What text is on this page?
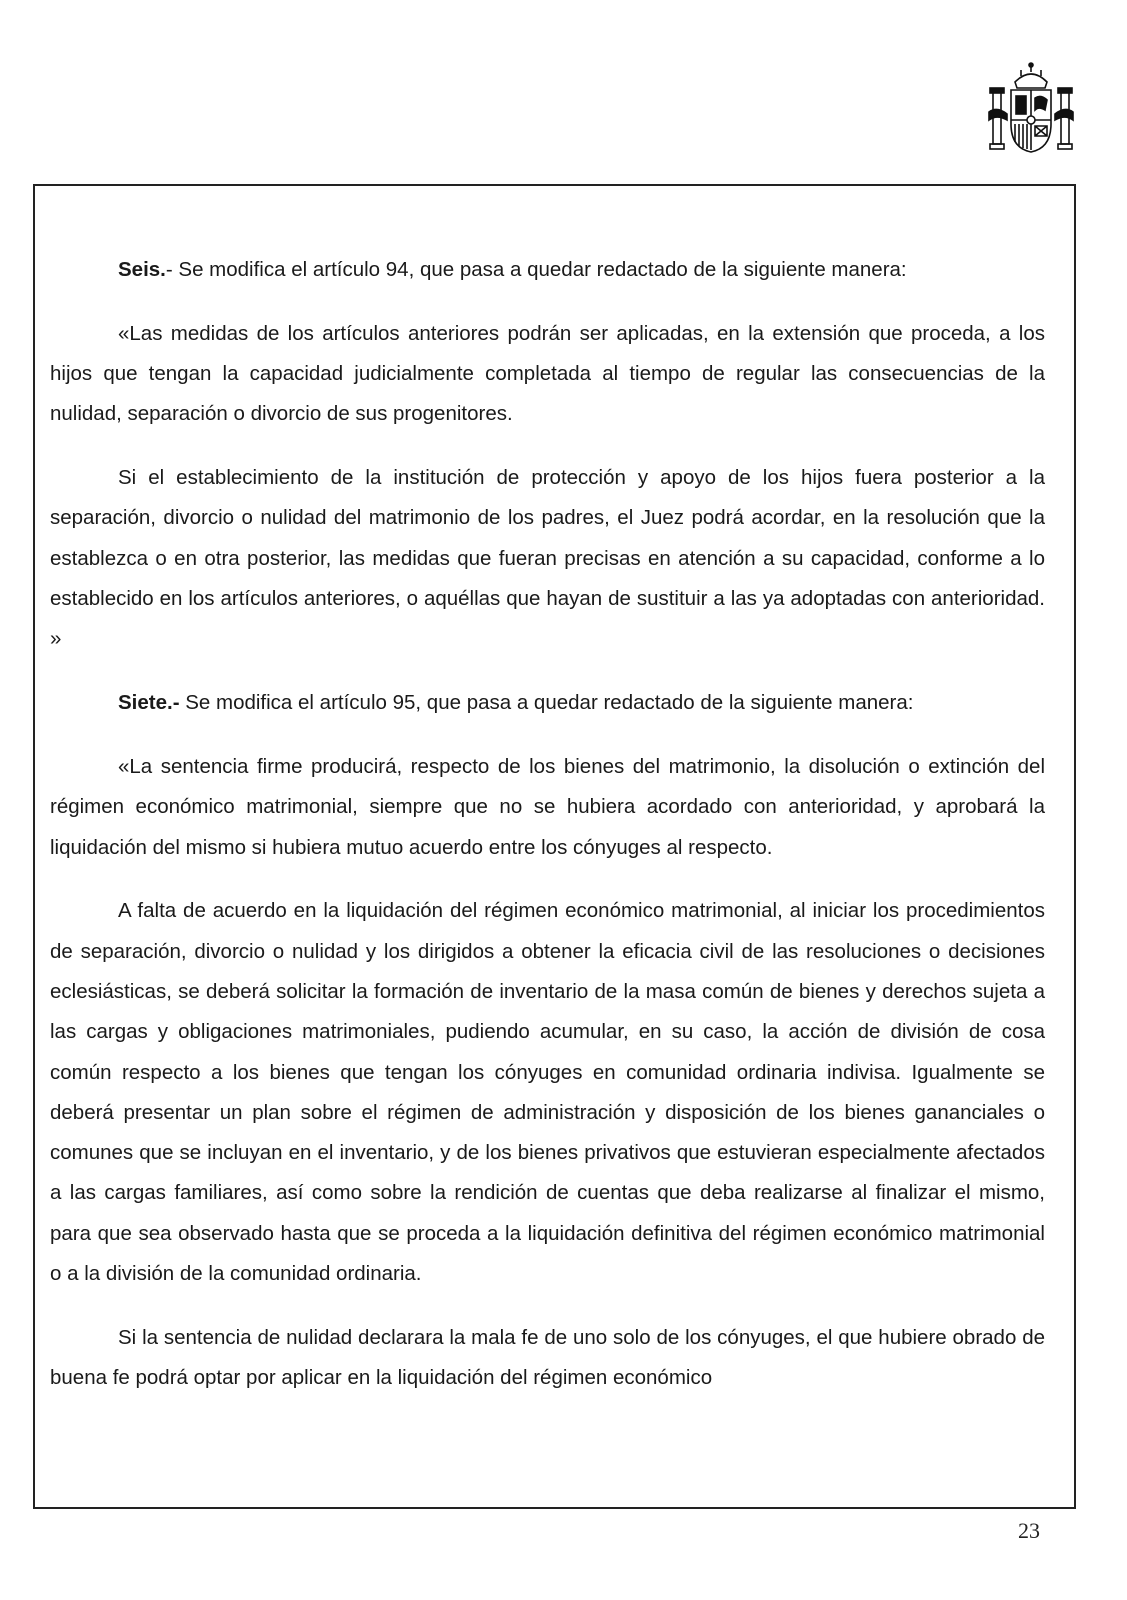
Seis.- Se modifica el artículo 94, que pasa a quedar redactado de la siguiente manera:

«Las medidas de los artículos anteriores podrán ser aplicadas, en la extensión que proceda, a los hijos que tengan la capacidad judicialmente completada al tiempo de regular las consecuencias de la nulidad, separación o divorcio de sus progenitores.

Si el establecimiento de la institución de protección y apoyo de los hijos fuera posterior a la separación, divorcio o nulidad del matrimonio de los padres, el Juez podrá acordar, en la resolución que la establezca o en otra posterior, las medidas que fueran precisas en atención a su capacidad, conforme a lo establecido en los artículos anteriores, o aquéllas que hayan de sustituir a las ya adoptadas con anterioridad. »

Siete.- Se modifica el artículo 95, que pasa a quedar redactado de la siguiente manera:

«La sentencia firme producirá, respecto de los bienes del matrimonio, la disolución o extinción del régimen económico matrimonial, siempre que no se hubiera acordado con anterioridad, y aprobará la liquidación del mismo si hubiera mutuo acuerdo entre los cónyuges al respecto.

A falta de acuerdo en la liquidación del régimen económico matrimonial, al iniciar los procedimientos de separación, divorcio o nulidad y los dirigidos a obtener la eficacia civil de las resoluciones o decisiones eclesiásticas, se deberá solicitar la formación de inventario de la masa común de bienes y derechos sujeta a las cargas y obligaciones matrimoniales, pudiendo acumular, en su caso, la acción de división de cosa común respecto a los bienes que tengan los cónyuges en comunidad ordinaria indivisa. Igualmente se deberá presentar un plan sobre el régimen de administración y disposición de los bienes gananciales o comunes que se incluyan en el inventario, y de los bienes privativos que estuvieran especialmente afectados a las cargas familiares, así como sobre la rendición de cuentas que deba realizarse al finalizar el mismo, para que sea observado hasta que se proceda a la liquidación definitiva del régimen económico matrimonial o a la división de la comunidad ordinaria.

Si la sentencia de nulidad declarara la mala fe de uno solo de los cónyuges, el que hubiere obrado de buena fe podrá optar por aplicar en la liquidación del régimen económico

23
